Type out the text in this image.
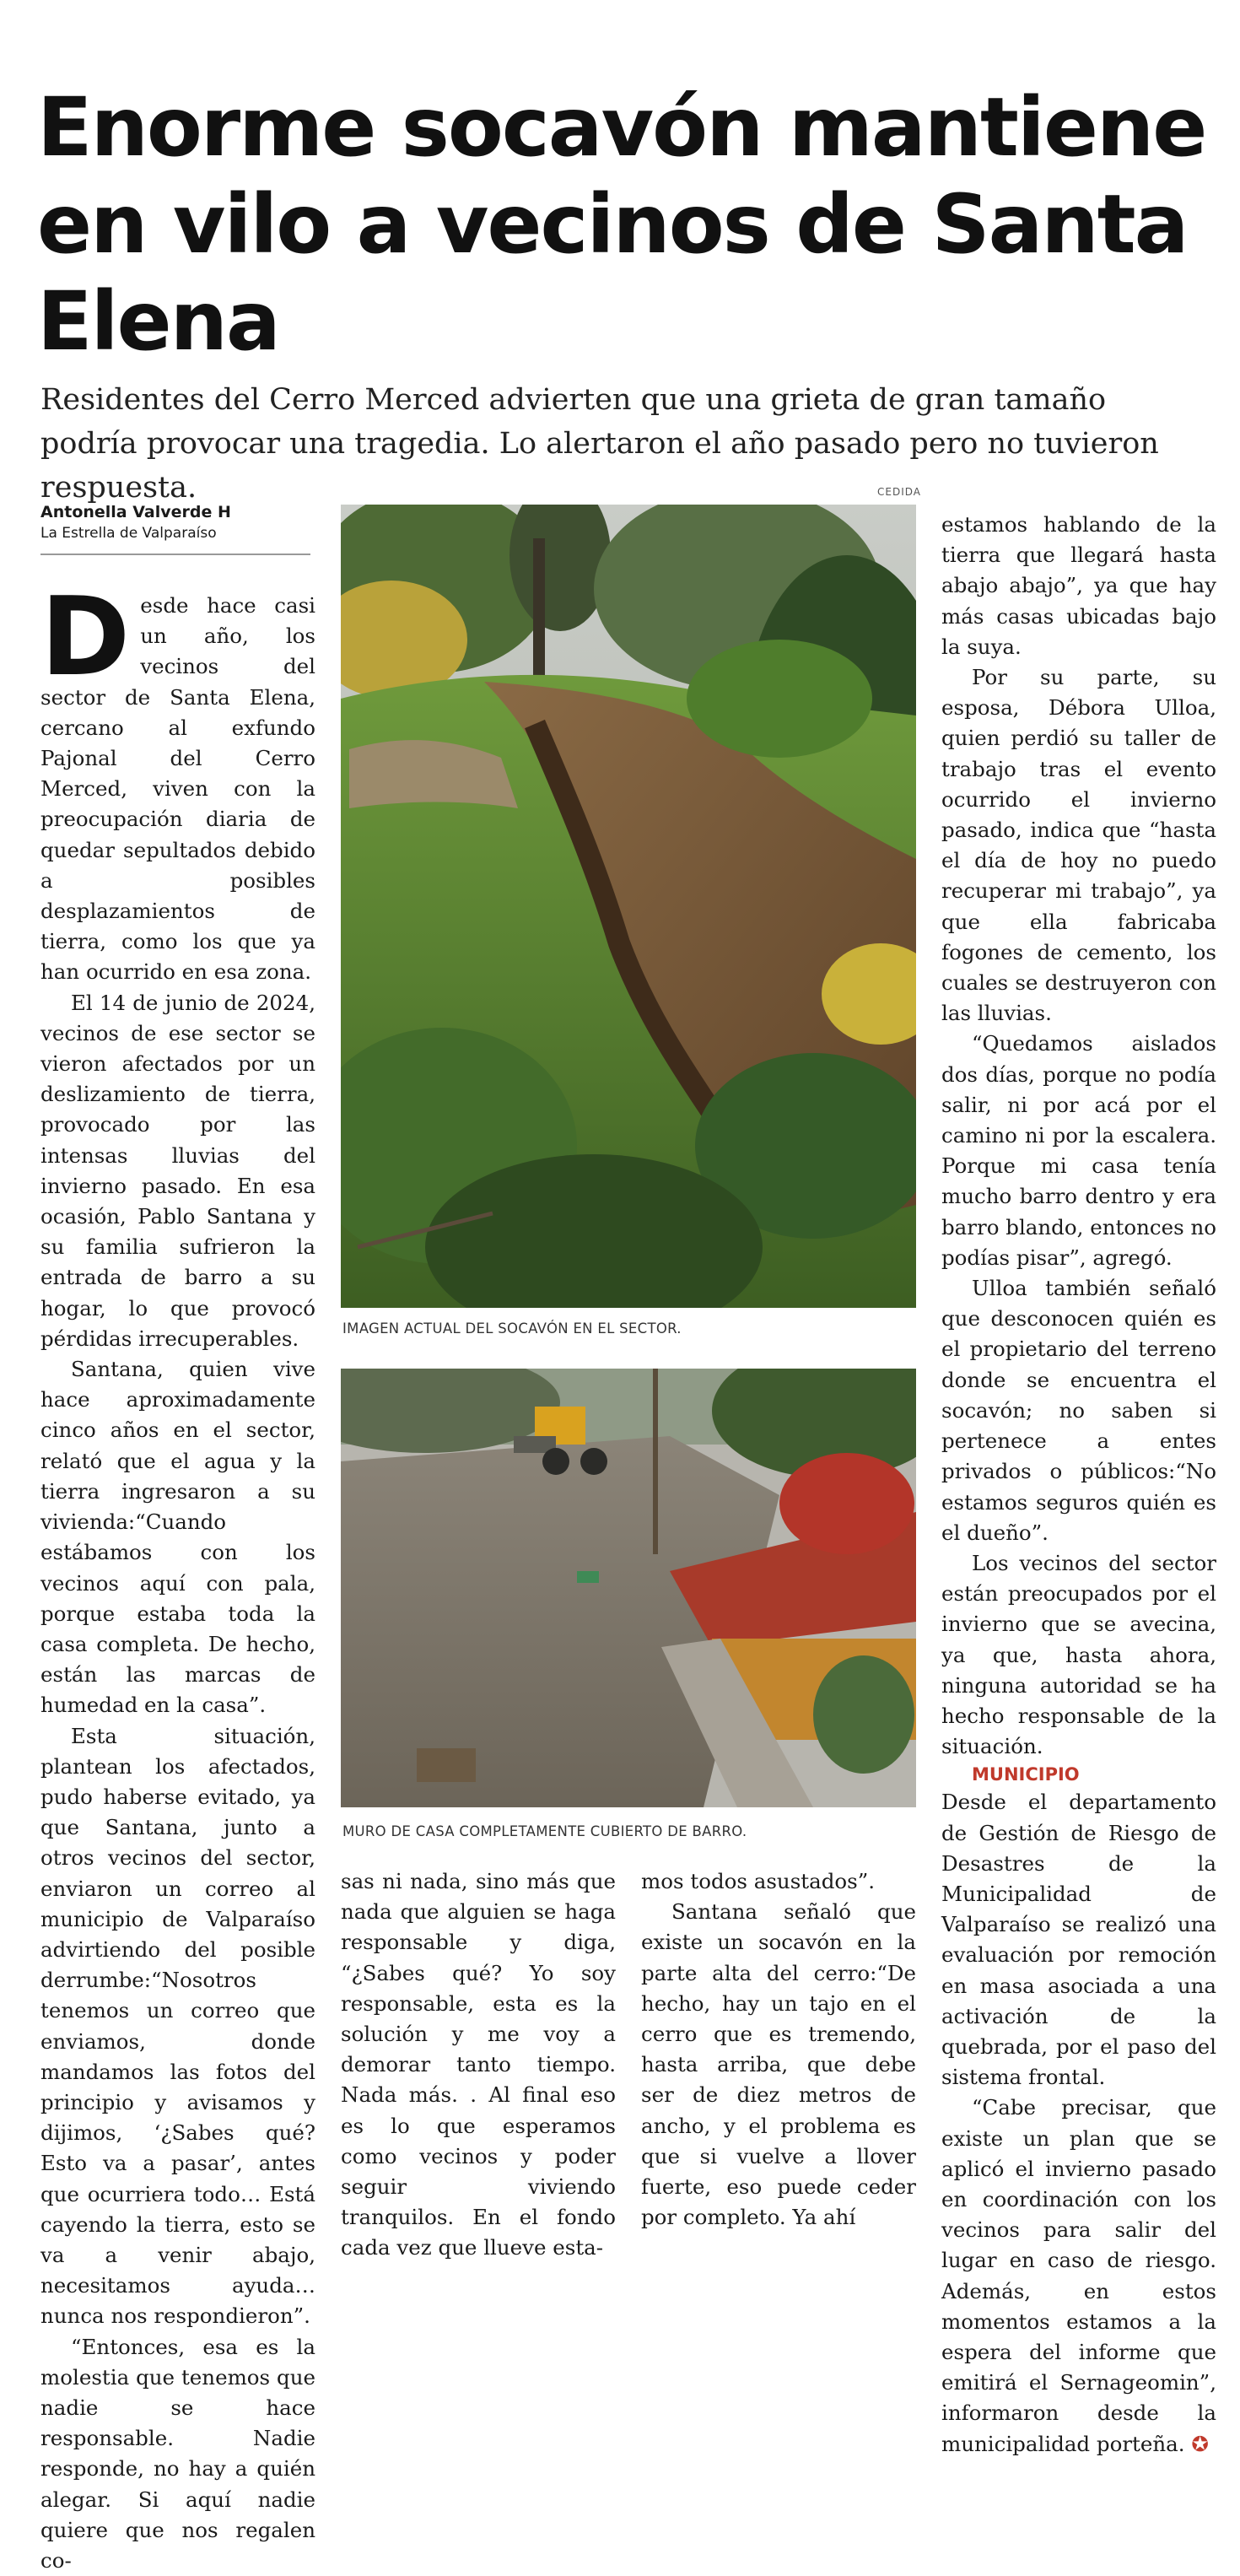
Enorme socavón mantiene en vilo a vecinos de Santa Elena
Residentes del Cerro Merced advierten que una grieta de gran tamaño podría provocar una tragedia. Lo alertaron el año pasado pero no tuvieron respuesta.
Antonella Valverde H
La Estrella de Valparaíso

Desde hace casi un año, los vecinos del sector de Santa Elena, cercano al exfundo Pajonal del Cerro Merced, viven con la preocupación diaria de quedar sepultados debido a posibles desplazamientos de tierra, como los que ya han ocurrido en esa zona.

El 14 de junio de 2024, vecinos de ese sector se vieron afectados por un deslizamiento de tierra, provocado por las intensas lluvias del invierno pasado. En esa ocasión, Pablo Santana y su familia sufrieron la entrada de barro a su hogar, lo que provocó pérdidas irrecuperables.

Santana, quien vive hace aproximadamente cinco años en el sector, relató que el agua y la tierra ingresaron a su vivienda:“Cuando estábamos con los vecinos aquí con pala, porque estaba toda la casa completa. De hecho, están las marcas de humedad en la casa”.

Esta situación, plantean los afectados, pudo haberse evitado, ya que Santana, junto a otros vecinos del sector, enviaron un correo al municipio de Valparaíso advirtiendo del posible derrumbe:“Nosotros tenemos un correo que enviamos, donde mandamos las fotos del principio y avisamos y dijimos, ‘¿Sabes qué? Esto va a pasar’, antes que ocurriera todo… Está cayendo la tierra, esto se va a venir abajo, necesitamos ayuda… nunca nos respondieron”.

“Entonces, esa es la molestia que tenemos que nadie se hace responsable. Nadie responde, no hay a quién alegar. Si aquí nadie quiere que nos regalen co-

CEDIDA
IMAGEN ACTUAL DEL SOCAVÓN EN EL SECTOR.
MURO DE CASA COMPLETAMENTE CUBIERTO DE BARRO.

sas ni nada, sino más que nada que alguien se haga responsable y diga, “¿Sabes qué? Yo soy responsable, esta es la solución y me voy a demorar tanto tiempo. Nada más. . Al final eso es lo que esperamos como vecinos y poder seguir viviendo tranquilos. En el fondo cada vez que llueve esta-

mos todos asustados”.

Santana señaló que existe un socavón en la parte alta del cerro:“De hecho, hay un tajo en el cerro que es tremendo, hasta arriba, que debe ser de diez metros de ancho, y el problema es que si vuelve a llover fuerte, eso puede ceder por completo. Ya ahí

estamos hablando de la tierra que llegará hasta abajo abajo”, ya que hay más casas ubicadas bajo la suya.

Por su parte, su esposa, Débora Ulloa, quien perdió su taller de trabajo tras el evento ocurrido el invierno pasado, indica que “hasta el día de hoy no puedo recuperar mi trabajo”, ya que ella fabricaba fogones de cemento, los cuales se destruyeron con las lluvias.

“Quedamos aislados dos días, porque no podía salir, ni por acá por el camino ni por la escalera. Porque mi casa tenía mucho barro dentro y era barro blando, entonces no podías pisar”, agregó.

Ulloa también señaló que desconocen quién es el propietario del terreno donde se encuentra el socavón; no saben si pertenece a entes privados o públicos:“No estamos seguros quién es el dueño”.

Los vecinos del sector están preocupados por el invierno que se avecina, ya que, hasta ahora, ninguna autoridad se ha hecho responsable de la situación.

MUNICIPIO

Desde el departamento de Gestión de Riesgo de Desastres de la Municipalidad de Valparaíso se realizó una evaluación por remoción en masa asociada a una activación de la quebrada, por el paso del sistema frontal.

“Cabe precisar, que existe un plan que se aplicó el invierno pasado en coordinación con los vecinos para salir del lugar en caso de riesgo. Además, en estos momentos estamos a la espera del informe que emitirá el Sernageomin”, informaron desde la municipalidad porteña. ✪
